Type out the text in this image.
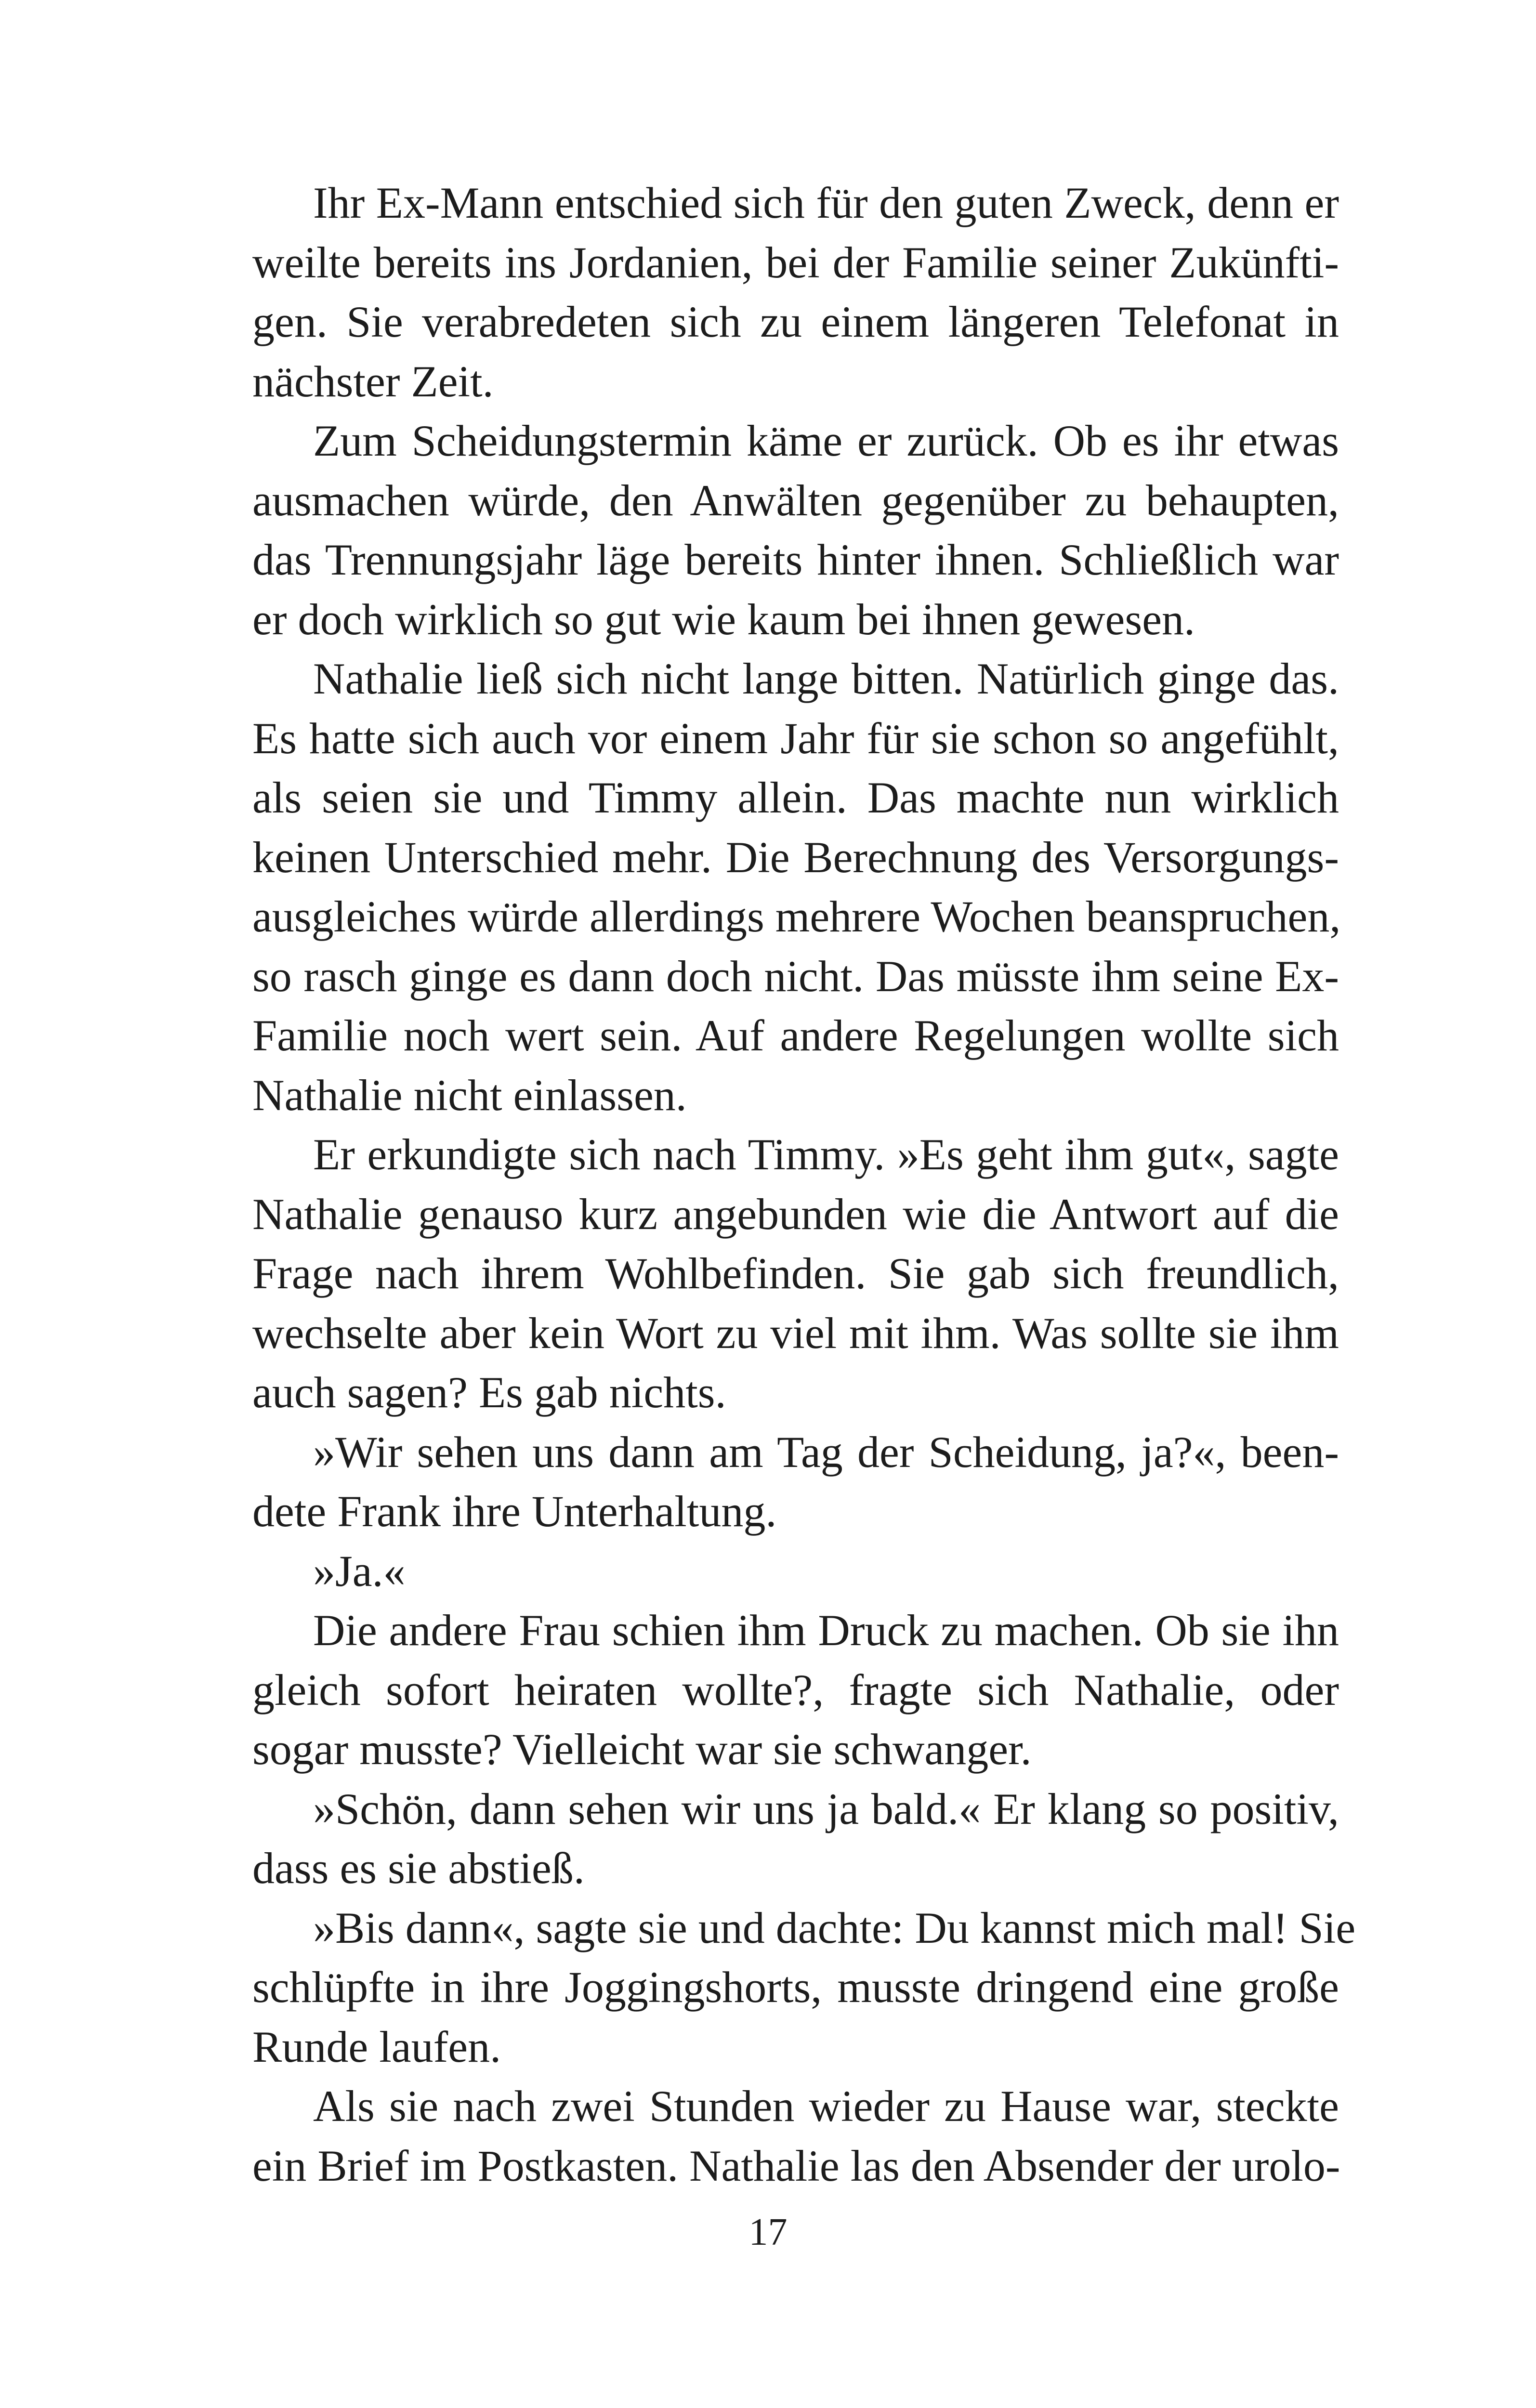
Ihr Ex-Mann entschied sich für den guten Zweck, denn er
weilte bereits ins Jordanien, bei der Familie seiner Zukünfti-
gen. Sie verabredeten sich zu einem längeren Telefonat in
nächster Zeit.
Zum Scheidungstermin käme er zurück. Ob es ihr etwas
ausmachen würde, den Anwälten gegenüber zu behaupten,
das Trennungsjahr läge bereits hinter ihnen. Schließlich war
er doch wirklich so gut wie kaum bei ihnen gewesen.
Nathalie ließ sich nicht lange bitten. Natürlich ginge das.
Es hatte sich auch vor einem Jahr für sie schon so angefühlt,
als seien sie und Timmy allein. Das machte nun wirklich
keinen Unterschied mehr. Die Berechnung des Versorgungs-
ausgleiches würde allerdings mehrere Wochen beanspruchen,
so rasch ginge es dann doch nicht. Das müsste ihm seine Ex-
Familie noch wert sein. Auf andere Regelungen wollte sich
Nathalie nicht einlassen.
Er erkundigte sich nach Timmy. »Es geht ihm gut«, sagte
Nathalie genauso kurz angebunden wie die Antwort auf die
Frage nach ihrem Wohlbefinden. Sie gab sich freundlich,
wechselte aber kein Wort zu viel mit ihm. Was sollte sie ihm
auch sagen? Es gab nichts.
»Wir sehen uns dann am Tag der Scheidung, ja?«, been-
dete Frank ihre Unterhaltung.
»Ja.«
Die andere Frau schien ihm Druck zu machen. Ob sie ihn
gleich sofort heiraten wollte?, fragte sich Nathalie, oder
sogar musste? Vielleicht war sie schwanger.
»Schön, dann sehen wir uns ja bald.« Er klang so positiv,
dass es sie abstieß.
»Bis dann«, sagte sie und dachte: Du kannst mich mal! Sie
schlüpfte in ihre Joggingshorts, musste dringend eine große
Runde laufen.
Als sie nach zwei Stunden wieder zu Hause war, steckte
ein Brief im Postkasten. Nathalie las den Absender der urolo-
17
